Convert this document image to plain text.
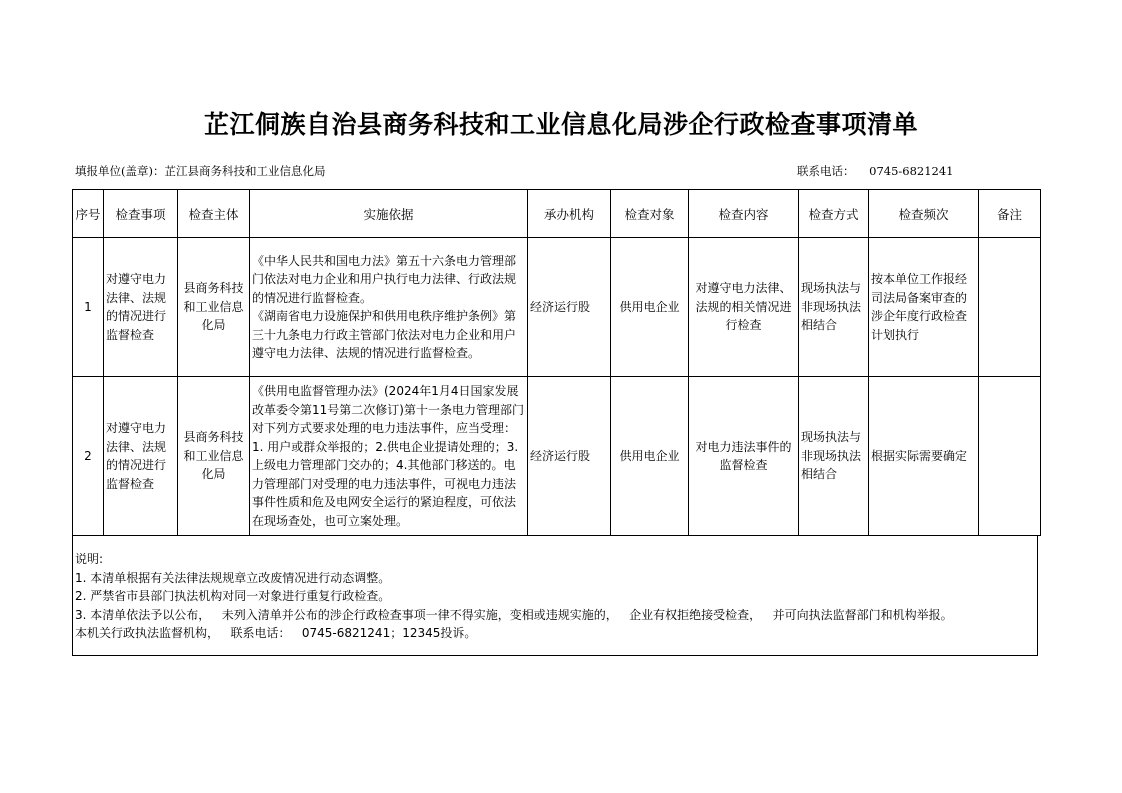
芷江侗族自治县商务科技和工业信息化局涉企行政检查事项清单
填报单位(盖章)：芷江县商务科技和工业信息化局	联系电话：    0745-6821241
序号	检查事项	检查主体	实施依据	承办机构	检查对象	检查内容	检查方式	检查频次	备注
1	对遵守电力法律、法规的情况进行监督检查	县商务科技和工业信息化局	《中华人民共和国电力法》第五十六条电力管理部门依法对电力企业和用户执行电力法律、行政法规的情况进行监督检查。
《湖南省电力设施保护和供用电秩序维护条例》第三十九条电力行政主管部门依法对电力企业和用户遵守电力法律、法规的情况进行监督检查。	经济运行股	供用电企业	对遵守电力法律、法规的相关情况进行检查	现场执法与非现场执法相结合	按本单位工作报经司法局备案审查的涉企年度行政检查计划执行	
2	对遵守电力法律、法规的情况进行监督检查	县商务科技和工业信息化局	《供用电监督管理办法》(2024年1月4日国家发展改革委令第11号第二次修订)第十一条电力管理部门对下列方式要求处理的电力违法事件，应当受理：1. 用户或群众举报的；2.供电企业提请处理的；3. 上级电力管理部门交办的；4.其他部门移送的。电力管理部门对受理的电力违法事件，可视电力违法事件性质和危及电网安全运行的紧迫程度，可依法在现场查处，也可立案处理。	经济运行股	供用电企业	对电力违法事件的监督检查	现场执法与非现场执法相结合	根据实际需要确定	
说明:
1. 本清单根据有关法律法规规章立改废情况进行动态调整。
2. 严禁省市县部门执法机构对同一对象进行重复行政检查。
3. 本清单依法予以公布，   未列入清单并公布的涉企行政检查事项一律不得实施，变相或违规实施的，   企业有权拒绝接受检查，   并可向执法监督部门和机构举报。
本机关行政执法监督机构，   联系电话：   0745-6821241；12345投诉。
